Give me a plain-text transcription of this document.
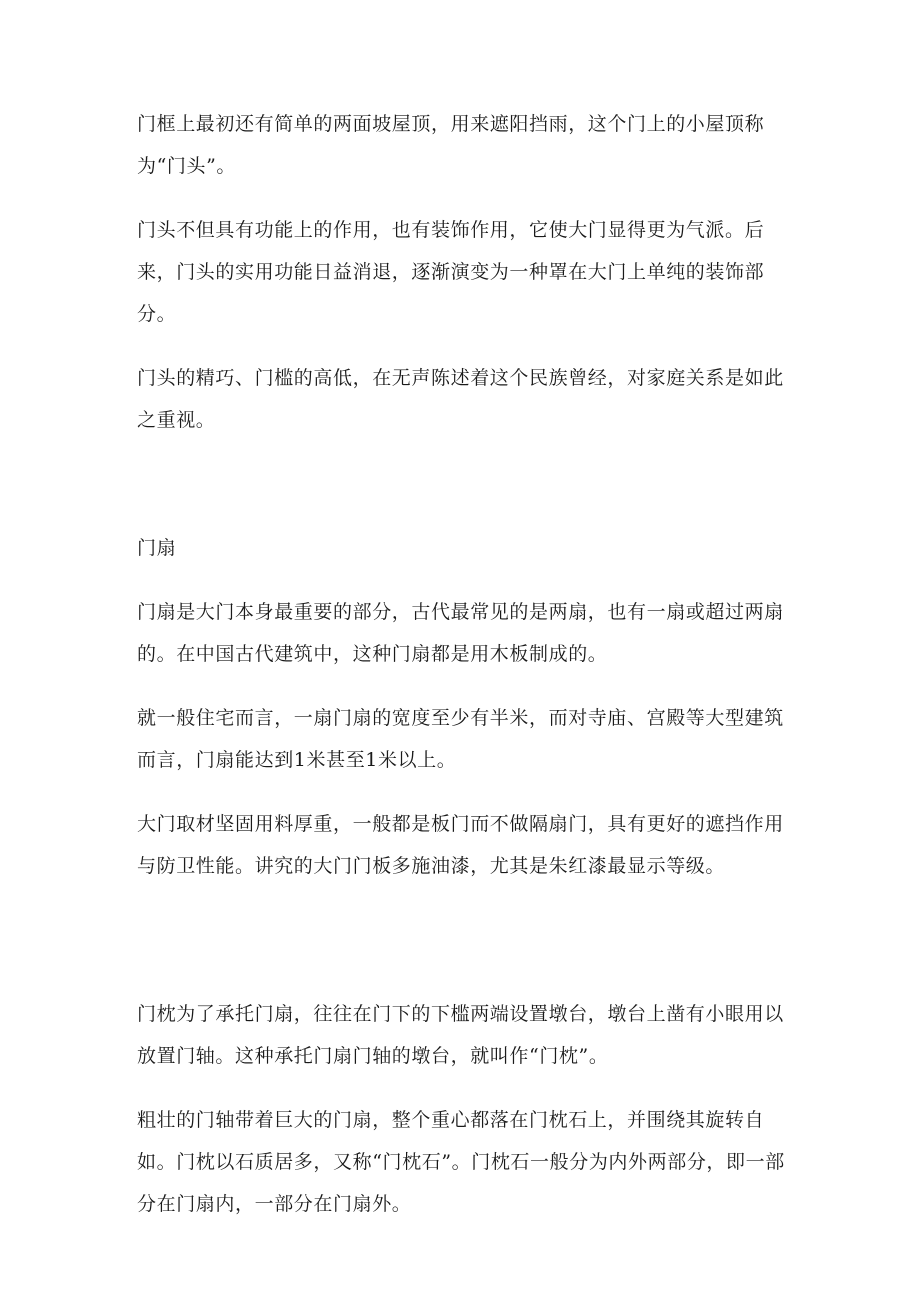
门框上最初还有简单的两面坡屋顶，用来遮阳挡雨，这个门上的小屋顶称为“门头”。

门头不但具有功能上的作用，也有装饰作用，它使大门显得更为气派。后来，门头的实用功能日益消退，逐渐演变为一种罩在大门上单纯的装饰部分。

门头的精巧、门槛的高低，在无声陈述着这个民族曾经，对家庭关系是如此之重视。

门扇

门扇是大门本身最重要的部分，古代最常见的是两扇，也有一扇或超过两扇的。在中国古代建筑中，这种门扇都是用木板制成的。

就一般住宅而言，一扇门扇的宽度至少有半米，而对寺庙、宫殿等大型建筑而言，门扇能达到1米甚至1米以上。

大门取材坚固用料厚重，一般都是板门而不做隔扇门，具有更好的遮挡作用与防卫性能。讲究的大门门板多施油漆，尤其是朱红漆最显示等级。

门枕为了承托门扇，往往在门下的下槛两端设置墩台，墩台上凿有小眼用以放置门轴。这种承托门扇门轴的墩台，就叫作“门枕”。

粗壮的门轴带着巨大的门扇，整个重心都落在门枕石上，并围绕其旋转自如。门枕以石质居多，又称“门枕石”。门枕石一般分为内外两部分，即一部分在门扇内，一部分在门扇外。
